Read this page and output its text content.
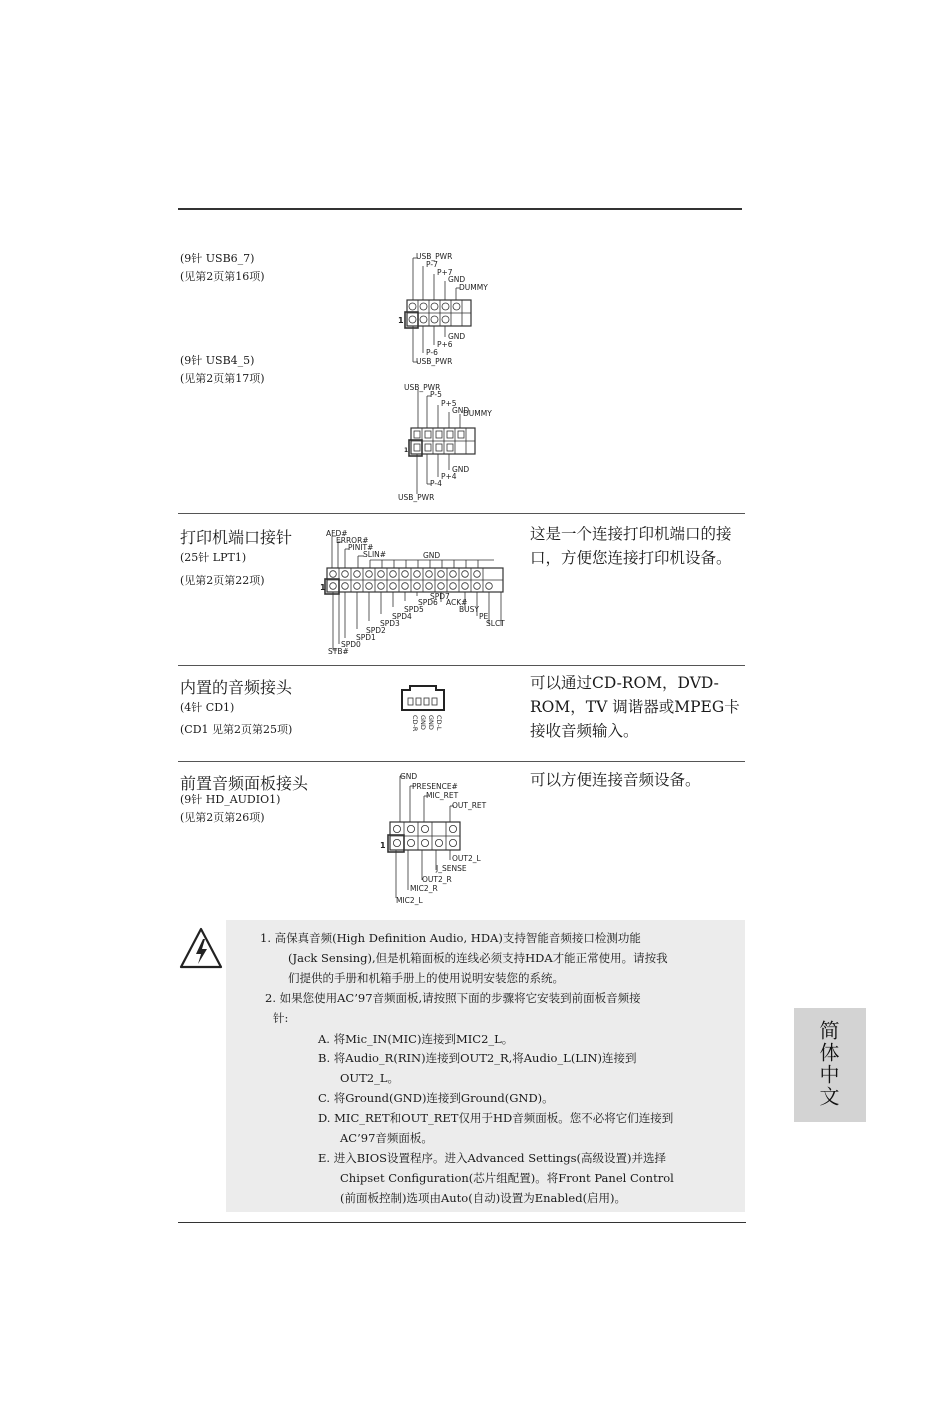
(9针 USB6_7)
(见第2页第16项)
USB_PWR
P-7
P+7
GND
DUMMY
1
GND
P+6
P-6
USB_PWR
(9针 USB4_5)
(见第2页第17项)
USB_PWR
P-5
P+5
GND
DUMMY
1
GND
P+4
P-4
USB_PWR
打印机端口接针
(25针 LPT1)
(见第2页第22项)
这是一个连接打印机端口的接口，方便您连接打印机设备。
AFD#
ERROR#
PINIT#
SLIN#	GND
1
SPD7
SPD6 ACK#
SPD5	BUSY
SPD4	PE
SPD3	SLCT
SPD2
SPD1
SPD0
STB#
内置的音频接头
(4针 CD1)
(CD1 见第2页第25项)
可以通过CD-ROM，DVD-ROM，TV 调谐器或MPEG卡接收音频输入。
CD-R GND GND CD-L
前置音频面板接头
(9针 HD_AUDIO1)
(见第2页第26项)
可以方便连接音频设备。
GND
PRESENCE#
MIC_RET
OUT_RET
1
OUT2_L
J_SENSE
OUT2_R
MIC2_R
MIC2_L
1. 高保真音频(High Definition Audio, HDA)支持智能音频接口检测功能
(Jack Sensing),但是机箱面板的连线必须支持HDA才能正常使用。请按我
们提供的手册和机箱手册上的使用说明安装您的系统。
2. 如果您使用AC’97音频面板,请按照下面的步骤将它安装到前面板音频接
针:
A. 将Mic_IN(MIC)连接到MIC2_L。
B. 将Audio_R(RIN)连接到OUT2_R,将Audio_L(LIN)连接到
OUT2_L。
C. 将Ground(GND)连接到Ground(GND)。
D. MIC_RET和OUT_RET仅用于HD音频面板。您不必将它们连接到
AC’97音频面板。
E. 进入BIOS设置程序。进入Advanced Settings(高级设置)并选择
Chipset Configuration(芯片组配置)。将Front Panel Control
(前面板控制)选项由Auto(自动)设置为Enabled(启用)。
简体中文
